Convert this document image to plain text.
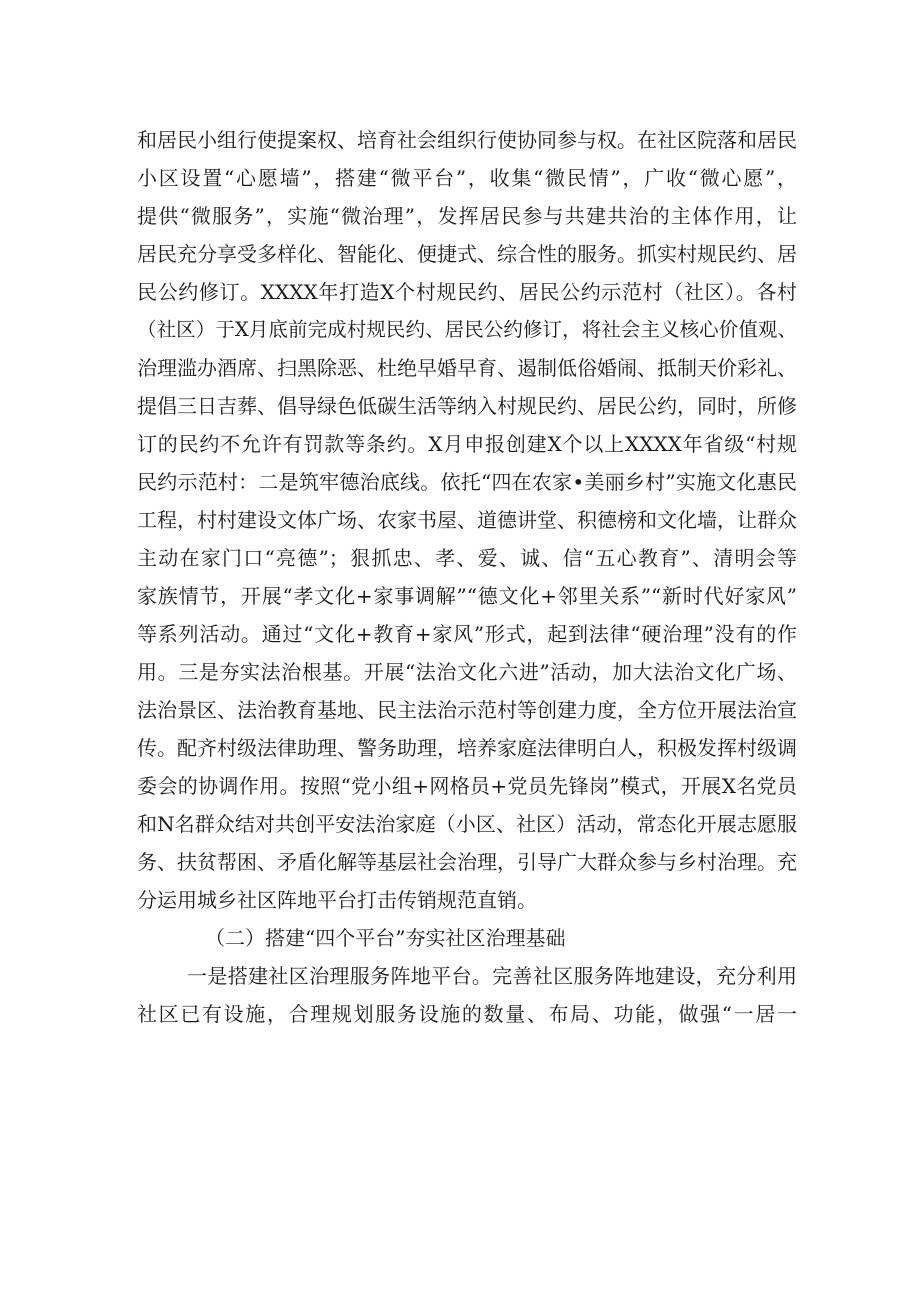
和居民小组行使提案权、培育社会组织行使协同参与权。在社区院落和居民
小区设置“心愿墙”，搭建“微平台”，收集“微民情”，广收“微心愿”，
提供“微服务”，实施“微治理”，发挥居民参与共建共治的主体作用，让
居民充分享受多样化、智能化、便捷式、综合性的服务。抓实村规民约、居
民公约修订。XXXX年打造X个村规民约、居民公约示范村（社区）。各村
（社区）于X月底前完成村规民约、居民公约修订，将社会主义核心价值观、
治理滥办酒席、扫黑除恶、杜绝早婚早育、遏制低俗婚闹、抵制天价彩礼、
提倡三日吉葬、倡导绿色低碳生活等纳入村规民约、居民公约，同时，所修
订的民约不允许有罚款等条约。X月申报创建X个以上XXXX年省级“村规
民约示范村：二是筑牢德治底线。依托“四在农家•美丽乡村”实施文化惠民
工程，村村建设文体广场、农家书屋、道德讲堂、积德榜和文化墙，让群众
主动在家门口“亮德”；狠抓忠、孝、爱、诚、信“五心教育”、清明会等
家族情节，开展“孝文化+家事调解”“德文化+邻里关系”“新时代好家风”
等系列活动。通过“文化+教育+家风”形式，起到法律“硬治理”没有的作
用。三是夯实法治根基。开展“法治文化六进”活动，加大法治文化广场、
法治景区、法治教育基地、民主法治示范村等创建力度，全方位开展法治宣
传。配齐村级法律助理、警务助理，培养家庭法律明白人，积极发挥村级调
委会的协调作用。按照“党小组+网格员+党员先锋岗”模式，开展X名党员
和N名群众结对共创平安法治家庭（小区、社区）活动，常态化开展志愿服
务、扶贫帮困、矛盾化解等基层社会治理，引导广大群众参与乡村治理。充
分运用城乡社区阵地平台打击传销规范直销。
（二）搭建“四个平台”夯实社区治理基础
一是搭建社区治理服务阵地平台。完善社区服务阵地建设，充分利用
社区已有设施，合理规划服务设施的数量、布局、功能，做强“一居一
